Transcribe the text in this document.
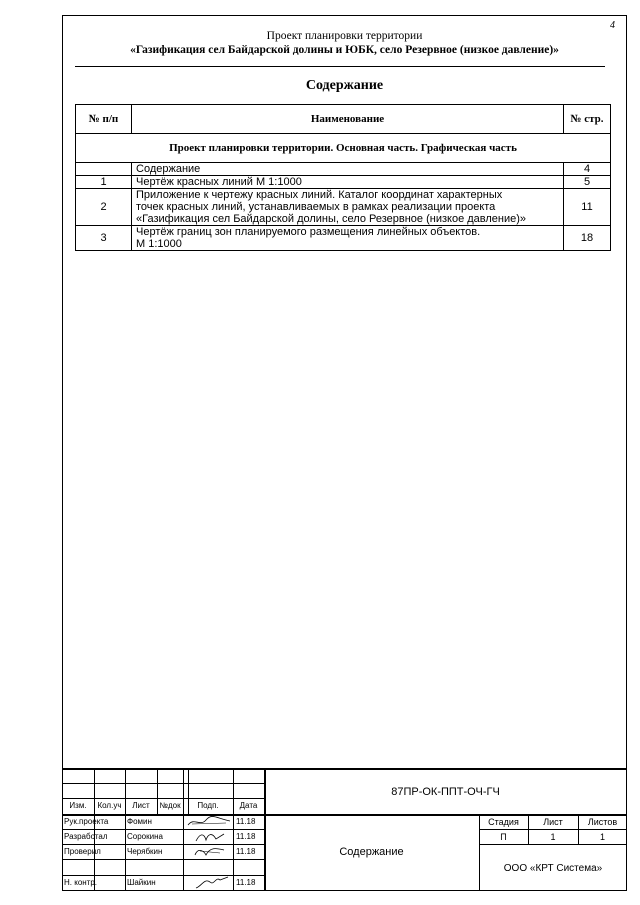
4
Проект планировки территории
«Газификация сел Байдарской долины и ЮБК, село Резервное (низкое давление)»
Содержание
№ п/п	Наименование	№ стр.
Проект планировки территории. Основная часть. Графическая часть		

	Содержание	4
1	Чертёж красных линий М 1:1000	5
2	Приложение к чертежу красных линий. Каталог координат характерных
точек красных линий, устанавливаемых в рамках реализации проекта
«Газификация сел Байдарской долины, село Резервное (низкое давление)»	11
3	Чертёж границ зон планируемого размещения линейных объектов.
М 1:1000	18
87ПР-ОК-ППТ-ОЧ-ГЧ
Изм.	Кол.уч	Лист	№док	Подп.	Дата
Рук.проекта Фомин	11.18
Разработал Сорокина	11.18
Проверил	Черябкин	11.18
Н. контр.	Шайкин	11.18
Содержание
Стадия	Лист	Листов
П	1	1
ООО «КРТ Система»
